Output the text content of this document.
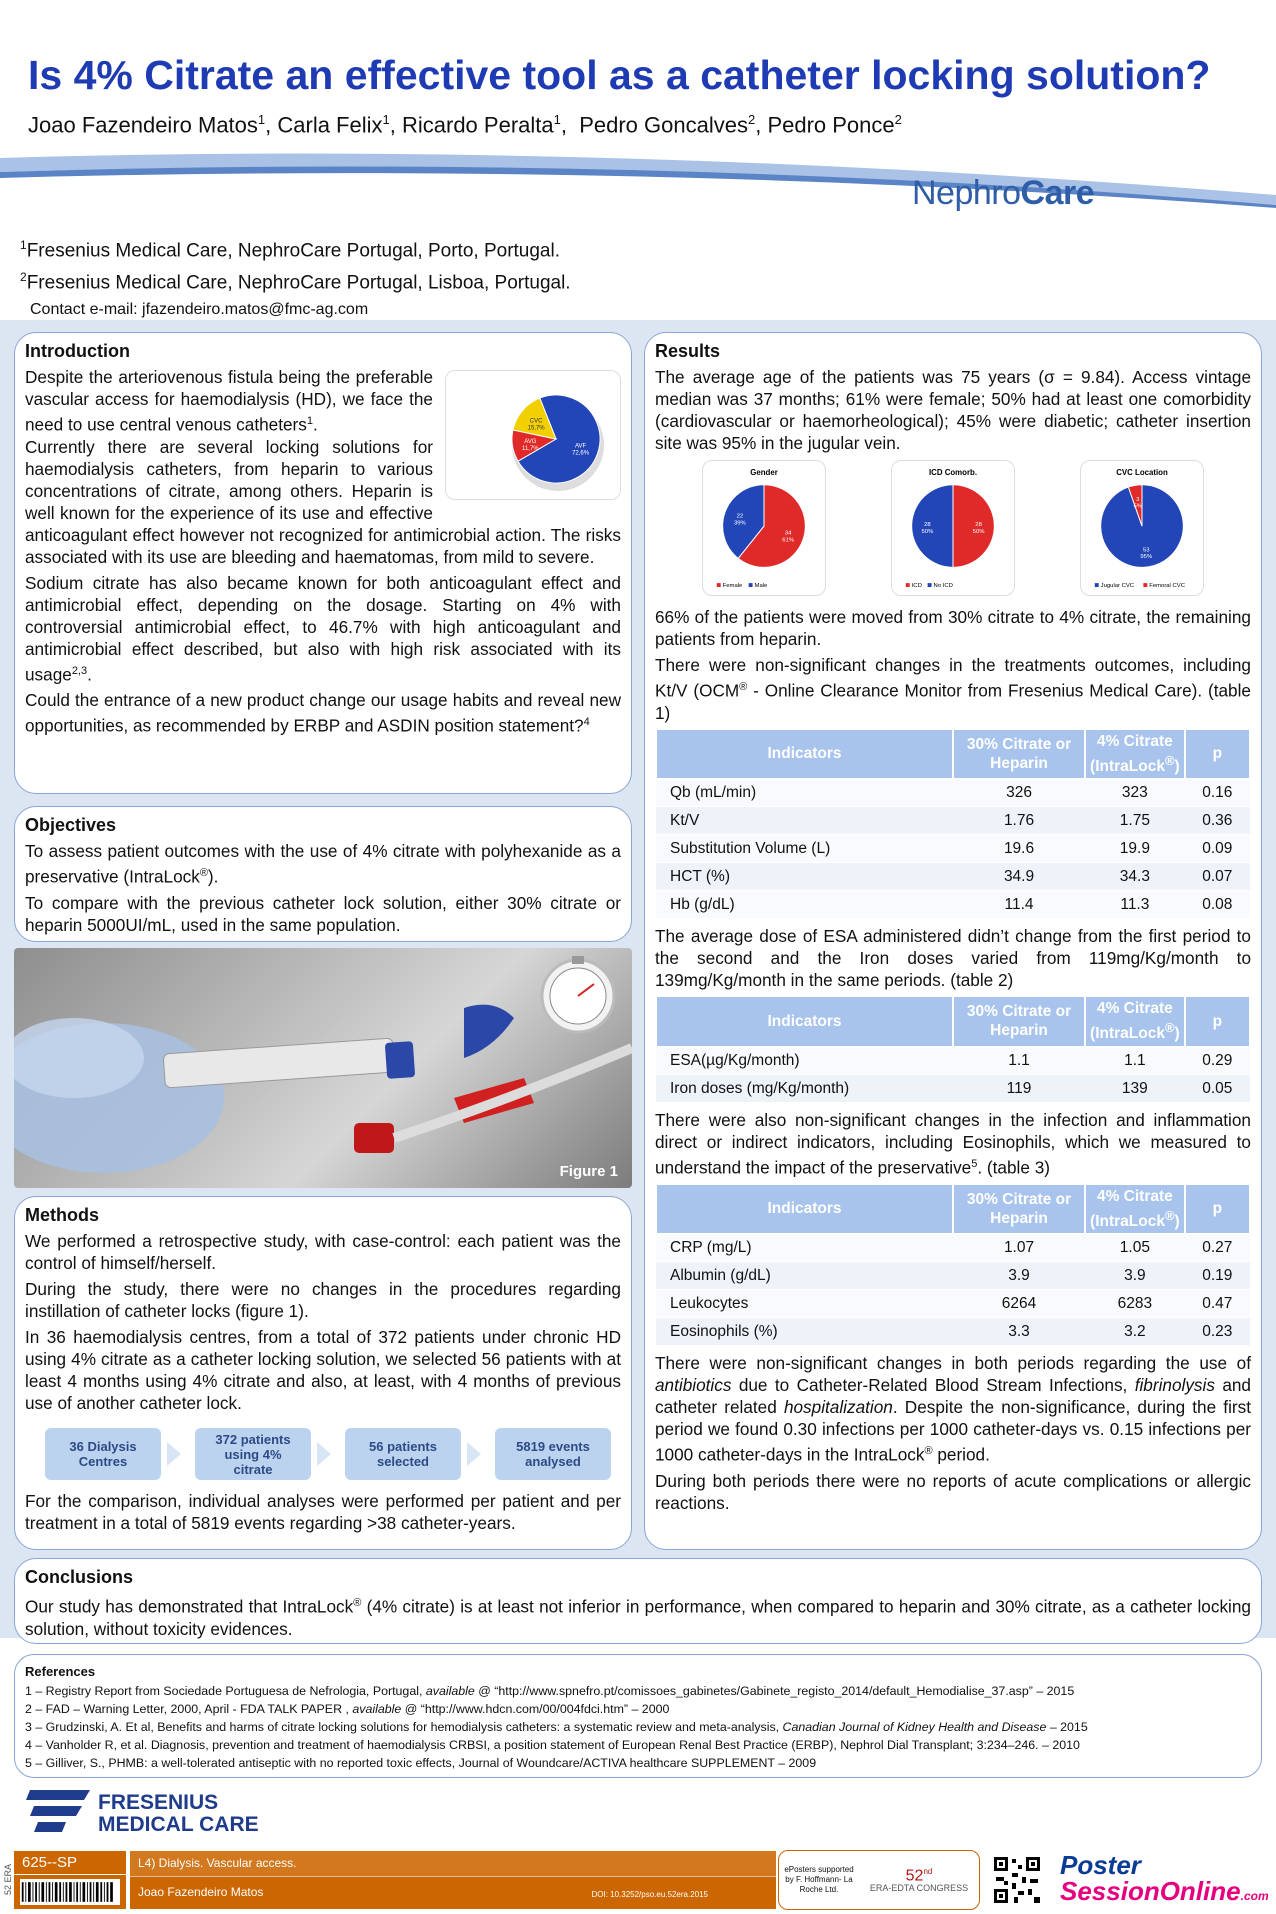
Is 4% Citrate an effective tool as a catheter locking solution?
Joao Fazendeiro Matos$^1$, Carla Felix$^1$, Ricardo Peralta$^1$,  Pedro Goncalves$^2$, Pedro Ponce$^2$
NephroCare
$^1$Fresenius Medical Care, NephroCare Portugal, Porto, Portugal.
$^2$Fresenius Medical Care, NephroCare Portugal, Lisboa, Portugal.
Contact e-mail: jfazendeiro.matos@fmc-ag.com
Introduction
AVF 72,6%
AVG 11,7%
CVC 15,7%

Despite the arteriovenous fistula being the preferable vascular access for haemodialysis (HD), we face the need to use central venous catheters$^1$.
Currently there are several locking solutions for haemodialysis catheters, from heparin to various concentrations of citrate, among others. Heparin is well known for the experience of its use and effective anticoagulant effect however not recognized for antimicrobial action. The risks associated with its use are bleeding and haematomas, from mild to severe.

Sodium citrate has also became known for both anticoagulant effect and antimicrobial effect, depending on the dosage. Starting on 4% with controversial antimicrobial effect, to 46.7% with high anticoagulant and antimicrobial effect described, but also with high risk associated with its usage$^{2,3}$.

Could the entrance of a new product change our usage habits and reveal new opportunities, as recommended by ERBP and ASDIN position statement?$^4$

Objectives

To assess patient outcomes with the use of 4% citrate with polyhexanide as a preservative (IntraLock®).

To compare with the previous catheter lock solution, either 30% citrate or heparin 5000UI/mL, used in the same population.

Figure 1
Methods

We performed a retrospective study, with case-control: each patient was the control of himself/herself.

During the study, there were no changes in the procedures regarding instillation of catheter locks (figure 1).

In 36 haemodialysis centres, from a total of 372 patients under chronic HD using 4% citrate as a catheter locking solution, we selected 56 patients with at least 4 months using 4% citrate and also, at least, with 4 months of previous use of another catheter lock.

36 Dialysis Centres
372 patients using 4% citrate
56 patients selected
5819 events analysed

For the comparison, individual analyses were performed per patient and per treatment in a total of 5819 events regarding >38 catheter-years.

Results

The average age of the patients was 75 years (σ = 9.84). Access vintage median was 37 months; 61% were female; 50% had at least one comorbidity (cardiovascular or haemorheological); 45% were diabetic; catheter insertion site was 95% in the jugular vein.

Gender
34 61%
22 39%
Female Male
ICD Comorb.
28 50%
28 50%
ICD No ICD
CVC Location
53 95%
3 5%
Jugular CVC	Femoral CVC

66% of the patients were moved from 30% citrate to 4% citrate, the remaining patients from heparin.

There were non-significant changes in the treatments outcomes, including Kt/V (OCM® - Online Clearance Monitor from Fresenius Medical Care). (table 1)

Indicators	30% Citrate or Heparin	4% Citrate
(IntraLock®)	p
Qb (mL/min)	326	323	0.16
Kt/V	1.76	1.75	0.36
Substitution Volume (L)	19.6	19.9	0.09
HCT (%)	34.9	34.3	0.07
Hb (g/dL)	11.4	11.3	0.08

The average dose of ESA administered didn’t change from the first period to the second and the Iron doses varied from 119mg/Kg/month to 139mg/Kg/month in the same periods. (table 2)

Indicators	30% Citrate or Heparin	4% Citrate
(IntraLock®)	p
ESA(µg/Kg/month)	1.1	1.1	0.29
Iron doses (mg/Kg/month)	119	139	0.05

There were also non-significant changes in the infection and inflammation direct or indirect indicators, including Eosinophils, which we measured to understand the impact of the preservative$^5$. (table 3)

Indicators	30% Citrate or Heparin	4% Citrate
(IntraLock®)	p
CRP (mg/L)	1.07	1.05	0.27
Albumin (g/dL)	3.9	3.9	0.19
Leukocytes	6264	6283	0.47
Eosinophils (%)	3.3	3.2	0.23

There were non-significant changes in both periods regarding the use of antibiotics due to Catheter-Related Blood Stream Infections, fibrinolysis and catheter related hospitalization. Despite the non-significance, during the first period we found 0.30 infections per 1000 catheter-days vs. 0.15 infections per 1000 catheter-days in the IntraLock® period.

During both periods there were no reports of acute complications or allergic reactions.

Conclusions

Our study has demonstrated that IntraLock® (4% citrate) is at least not inferior in performance, when compared to heparin and 30% citrate, as a catheter locking solution, without toxicity evidences.

References
1 – Registry Report from Sociedade Portuguesa de Nefrologia, Portugal, available @ “http://www.spnefro.pt/comissoes_gabinetes/Gabinete_registo_2014/default_Hemodialise_37.asp” – 2015
2 – FAD – Warning Letter, 2000, April - FDA TALK PAPER , available @ “http://www.hdcn.com/00/004fdci.htm” – 2000
3 – Grudzinski, A. Et al, Benefits and harms of citrate locking solutions for hemodialysis catheters: a systematic review and meta-analysis, Canadian Journal of Kidney Health and Disease – 2015
4 – Vanholder R, et al. Diagnosis, prevention and treatment of haemodialysis CRBSI, a position statement of European Renal Best Practice (ERBP), Nephrol Dial Transplant; 3:234–246. – 2010
5 – Gilliver, S., PHMB: a well-tolerated antiseptic with no reported toxic effects, Journal of Woundcare/ACTIVA healthcare SUPPLEMENT – 2009
FRESENIUS
MEDICAL CARE
52 ERA
625--SP	L4) Dialysis. Vascular access.
Joao Fazendeiro Matos	DOI: 10.3252/pso.eu.52era.2015
ePosters supported by F. Hoffmann- La Roche Ltd.
52nd
ERA-EDTA CONGRESS
Poster
SessionOnline.com
